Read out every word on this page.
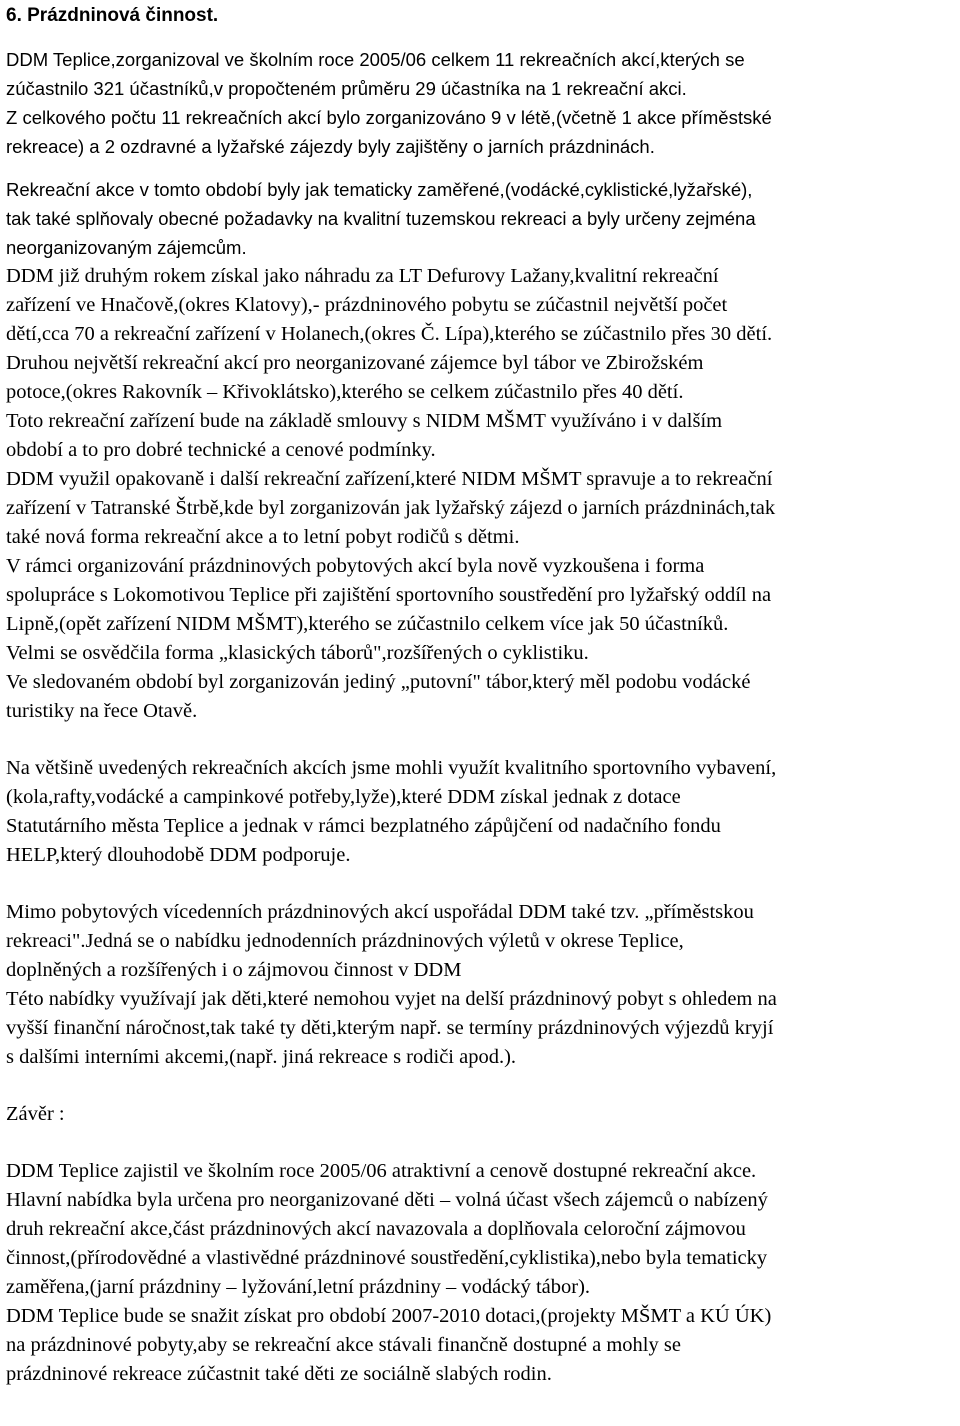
6. Prázdninová činnost.
DDM Teplice,zorganizoval ve školním roce 2005/06 celkem 11 rekreačních akcí,kterých se
zúčastnilo 321 účastníků,v propočteném průměru 29 účastníka na 1 rekreační akci.
Z celkového počtu 11 rekreačních akcí bylo zorganizováno 9 v létě,(včetně 1 akce příměstské
rekreace) a 2 ozdravné a lyžařské zájezdy byly zajištěny o jarních prázdninách.
Rekreační akce v tomto období byly jak tematicky zaměřené,(vodácké,cyklistické,lyžařské),
tak také splňovaly obecné požadavky na kvalitní tuzemskou rekreaci a byly určeny zejména
neorganizovaným zájemcům.
DDM již druhým rokem získal jako náhradu za LT Defurovy Lažany,kvalitní rekreační
zařízení ve Hnačově,(okres Klatovy),- prázdninového pobytu se zúčastnil největší počet
dětí,cca 70 a rekreační zařízení v Holanech,(okres Č. Lípa),kterého se zúčastnilo přes 30 dětí.
Druhou největší rekreační akcí pro neorganizované zájemce byl tábor ve Zbirožském
potoce,(okres Rakovník – Křivoklátsko),kterého se celkem zúčastnilo přes 40 dětí.
Toto rekreační zařízení bude na základě smlouvy s NIDM MŠMT využíváno i v dalším
období a to pro dobré technické a cenové podmínky.
DDM využil opakovaně i další rekreační zařízení,které NIDM MŠMT spravuje a to rekreační
zařízení v Tatranské Štrbě,kde byl zorganizován jak lyžařský zájezd o jarních prázdninách,tak
také nová forma rekreační akce a to letní pobyt rodičů s dětmi.
V rámci organizování prázdninových pobytových akcí byla nově vyzkoušena i forma
spolupráce s Lokomotivou Teplice při zajištění sportovního soustředění pro lyžařský oddíl na
Lipně,(opět zařízení NIDM MŠMT),kterého se zúčastnilo celkem více jak 50 účastníků.
Velmi se osvědčila forma „klasických táborů",rozšířených o cyklistiku.
Ve sledovaném období byl zorganizován jediný „putovní" tábor,který měl podobu vodácké
turistiky na řece Otavě.
Na většině uvedených rekreačních akcích jsme mohli využít kvalitního sportovního vybavení,
(kola,rafty,vodácké a campinkové potřeby,lyže),které DDM získal jednak z dotace
Statutárního města Teplice a jednak v rámci bezplatného zápůjčení od nadačního fondu
HELP,který dlouhodobě DDM podporuje.
Mimo pobytových vícedenních prázdninových akcí uspořádal DDM také tzv. „příměstskou
rekreaci".Jedná se o nabídku jednodenních prázdninových výletů v okrese Teplice,
doplněných a rozšířených i o zájmovou činnost v DDM
Této nabídky využívají jak děti,které nemohou vyjet na delší prázdninový pobyt s ohledem na
vyšší finanční náročnost,tak také ty děti,kterým např. se termíny prázdninových výjezdů kryjí
s dalšími interními akcemi,(např. jiná rekreace s rodiči apod.).
Závěr :
DDM Teplice zajistil ve školním roce 2005/06 atraktivní a cenově dostupné rekreační akce.
Hlavní nabídka byla určena pro neorganizované děti – volná účast všech zájemců o nabízený
druh rekreační akce,část prázdninových akcí navazovala a doplňovala celoroční zájmovou
činnost,(přírodovědné a vlastivědné prázdninové soustředění,cyklistika),nebo byla tematicky
zaměřena,(jarní prázdniny – lyžování,letní prázdniny – vodácký tábor).
DDM Teplice bude se snažit získat pro období 2007-2010 dotaci,(projekty MŠMT a KÚ ÚK)
na prázdninové pobyty,aby se rekreační akce stávali finančně dostupné a mohly se
prázdninové rekreace zúčastnit také děti ze sociálně slabých rodin.
